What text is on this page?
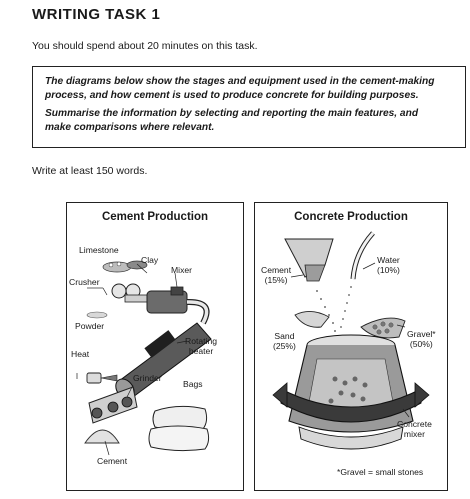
WRITING TASK 1
You should spend about 20 minutes on this task.

The diagrams below show the stages and equipment used in the cement-making

process, and how cement is used to produce concrete for building purposes.

Summarise the information by selecting and reporting the main features, and

make comparisons where relevant.

Write at least 150 words.
Cement Production
Limestone
Clay
Crusher
Mixer
Powder
Rotating
heater
Heat
Grinder
Bags
Cement
Concrete Production
Cement
(15%)
Water
(10%)
Sand
(25%)
Gravel*
(50%)
Concrete
mixer
*Gravel = small stones
